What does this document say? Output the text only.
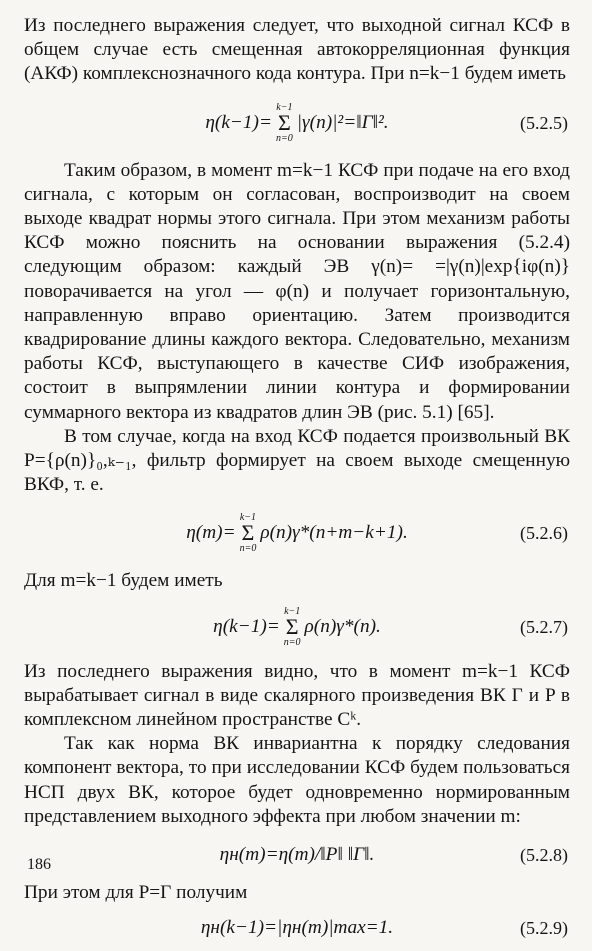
Из последнего выражения следует, что выходной сигнал КСФ в общем случае есть смещенная автокорреляционная функция (АКФ) комплекснозначного кода контура. При n=k−1 будем иметь

η(k−1)=
k−1
Σ
n=0
|γ(n)|²=‖Γ‖².	(5.2.5)

Таким образом, в момент m=k−1 КСФ при подаче на его вход сигнала, с которым он согласован, воспроизводит на своем выходе квадрат нормы этого сигнала. При этом механизм работы КСФ можно пояснить на основании выражения (5.2.4) следующим образом: каждый ЭВ γ(n)= =|γ(n)|exp{iφ(n)} поворачивается на угол — φ(n) и получает горизонтальную, направленную вправо ориентацию. Затем производится квадрирование длины каждого вектора. Следовательно, механизм работы КСФ, выступающего в качестве СИФ изображения, состоит в выпрямлении линии контура и формировании суммарного вектора из квадратов длин ЭВ (рис. 5.1) [65].

В том случае, когда на вход КСФ подается произвольный ВК P={ρ(n)}₀,ₖ₋₁, фильтр формирует на своем выходе смещенную ВКФ, т. е.

η(m)=
k−1
Σ
n=0
ρ(n)γ*(n+m−k+1).	(5.2.6)

Для m=k−1 будем иметь

η(k−1)=
k−1
Σ
n=0
ρ(n)γ*(n).	(5.2.7)

Из последнего выражения видно, что в момент m=k−1 КСФ вырабатывает сигнал в виде скалярного произведения ВК Γ и P в комплексном линейном пространстве Cᵏ.

Так как норма ВК инвариантна к порядку следования компонент вектора, то при исследовании КСФ будем пользоваться НСП двух ВК, которое будет одновременно нормированным представлением выходного эффекта при любом значении m:

ηн(m)=η(m)/‖P‖ ‖Γ‖.	(5.2.8)

При этом для P=Γ получим

ηн(k−1)=|ηн(m)|max=1.	(5.2.9)
186
